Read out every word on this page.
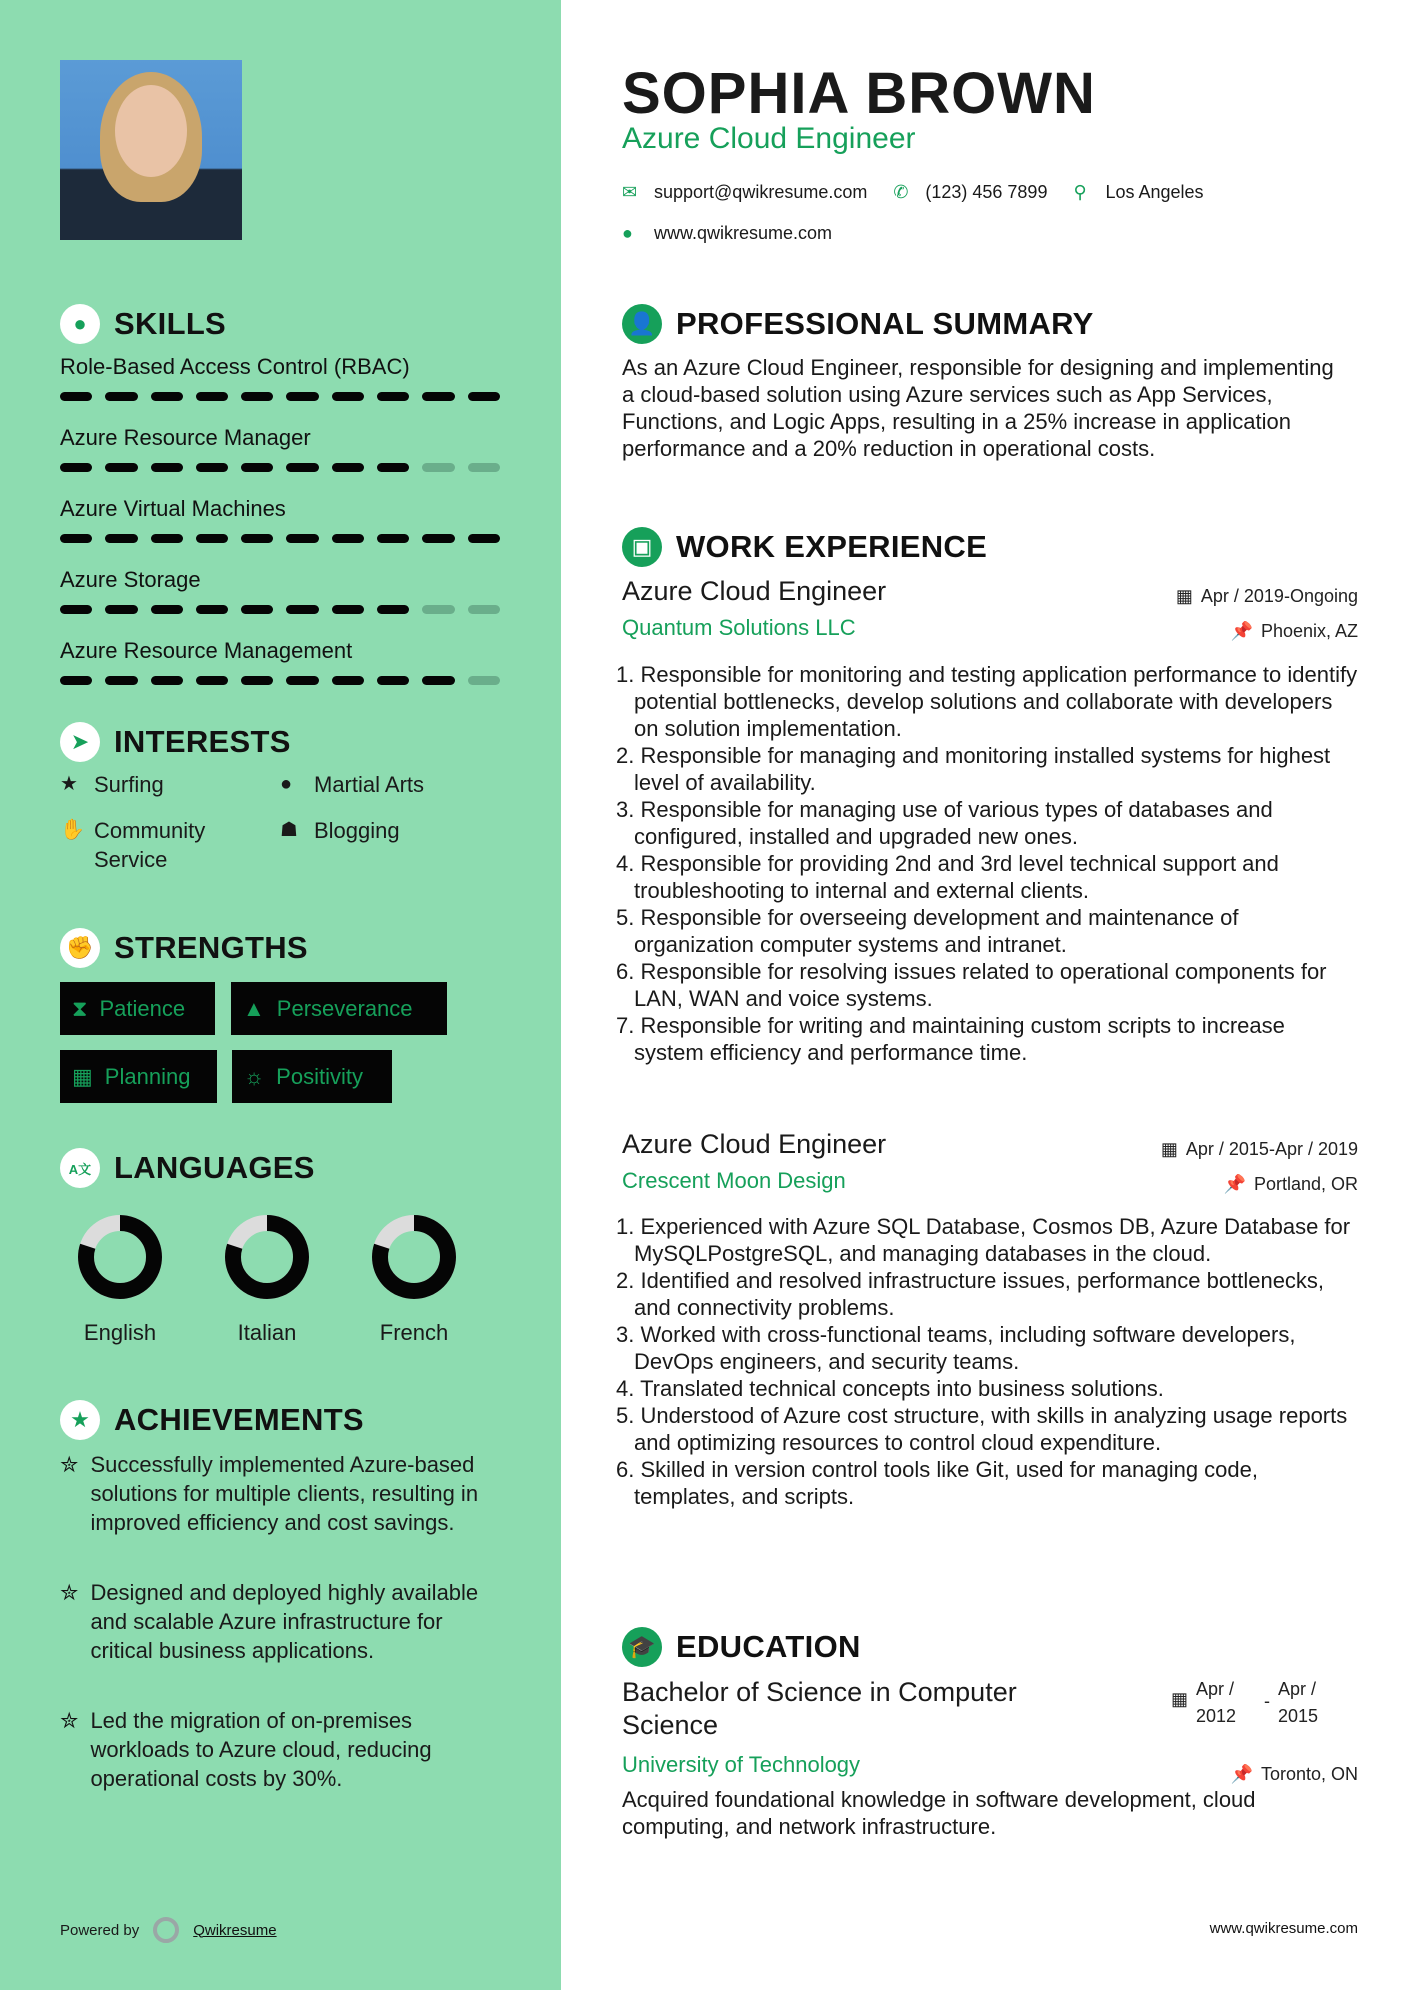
● SKILLS
Role-Based Access Control (RBAC)
Azure Resource Manager
Azure Virtual Machines
Azure Storage
Azure Resource Management
➤ INTERESTS
★ Surfing	● Martial Arts
✋ Community Service
☗ Blogging
✊ STRENGTHS
⧗ Patience	▲ Perseverance
▦ Planning ☼ Positivity
A文 LANGUAGES
English	Italian	French
★ ACHIEVEMENTS
✮ Successfully implemented Azure-based solutions for multiple clients, resulting in improved efficiency and cost savings.
✮ Designed and deployed highly available and scalable Azure infrastructure for critical business applications.
✮ Led the migration of on-premises workloads to Azure cloud, reducing operational costs by 30%.
Powered by	Qwikresume
SOPHIA BROWN
Azure Cloud Engineer
✉ support@qwikresume.com ✆ (123) 456 7899 ⚲	Los Angeles
●	www.qwikresume.com
👤 PROFESSIONAL SUMMARY
As an Azure Cloud Engineer, responsible for designing and implementing a cloud-based solution using Azure services such as App Services, Functions, and Logic Apps, resulting in a 25% increase in application performance and a 20% reduction in operational costs.
▣ WORK EXPERIENCE
Azure Cloud Engineer
Quantum Solutions LLC
▦ Apr / 2019-Ongoing
📌 Phoenix, AZ
1. Responsible for monitoring and testing application performance to identify potential bottlenecks, develop solutions and collaborate with developers on solution implementation.
2. Responsible for managing and monitoring installed systems for highest level of availability.
3. Responsible for managing use of various types of databases and configured, installed and upgraded new ones.
4. Responsible for providing 2nd and 3rd level technical support and troubleshooting to internal and external clients.
5. Responsible for overseeing development and maintenance of organization computer systems and intranet.
6. Responsible for resolving issues related to operational components for LAN, WAN and voice systems.
7. Responsible for writing and maintaining custom scripts to increase system efficiency and performance time.
Azure Cloud Engineer
Crescent Moon Design
▦ Apr / 2015-Apr / 2019
📌 Portland, OR
1. Experienced with Azure SQL Database, Cosmos DB, Azure Database for MySQLPostgreSQL, and managing databases in the cloud.
2. Identified and resolved infrastructure issues, performance bottlenecks, and connectivity problems.
3. Worked with cross-functional teams, including software developers, DevOps engineers, and security teams.
4. Translated technical concepts into business solutions.
5. Understood of Azure cost structure, with skills in analyzing usage reports and optimizing resources to control cloud expenditure.
6. Skilled in version control tools like Git, used for managing code, templates, and scripts.
🎓 EDUCATION
Bachelor of Science in Computer Science
University of Technology
Acquired foundational knowledge in software development, cloud computing, and network infrastructure.
▦ Apr / 2012
-
Apr / 2015
📌 Toronto, ON
www.qwikresume.com
